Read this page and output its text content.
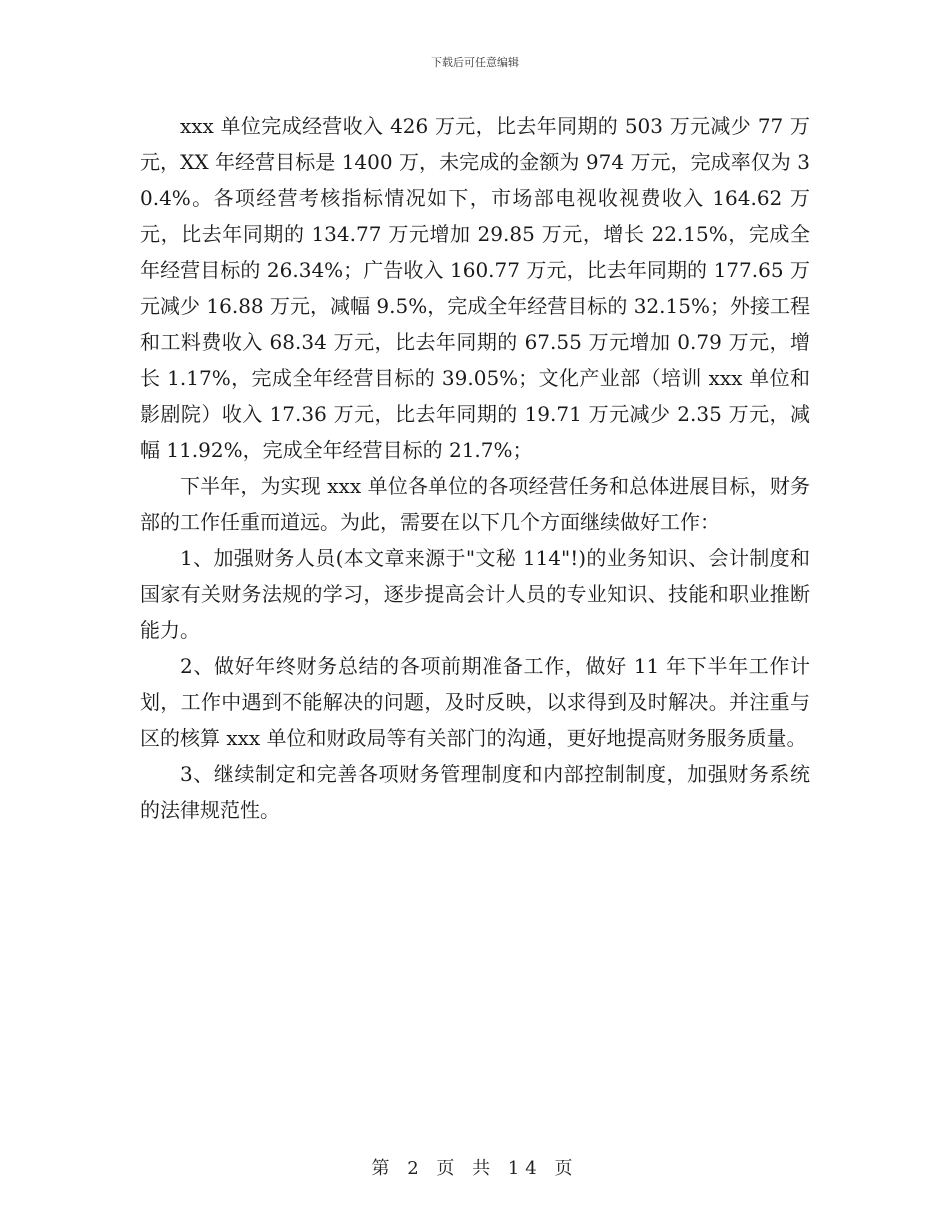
下载后可任意编辑

xxx 单位完成经营收入 426 万元，比去年同期的 503 万元减少 77 万元，XX 年经营目标是 1400 万，未完成的金额为 974 万元，完成率仅为 30.4%。各项经营考核指标情况如下，市场部电视收视费收入 164.62 万元，比去年同期的 134.77 万元增加 29.85 万元，增长 22.15%，完成全年经营目标的 26.34%；广告收入 160.77 万元，比去年同期的 177.65 万元减少 16.88 万元，减幅 9.5%，完成全年经营目标的 32.15%；外接工程和工料费收入 68.34 万元，比去年同期的 67.55 万元增加 0.79 万元，增长 1.17%，完成全年经营目标的 39.05%；文化产业部（培训 xxx 单位和影剧院）收入 17.36 万元，比去年同期的 19.71 万元减少 2.35 万元，减幅 11.92%，完成全年经营目标的 21.7%；

下半年，为实现 xxx 单位各单位的各项经营任务和总体进展目标，财务部的工作任重而道远。为此，需要在以下几个方面继续做好工作：

1、加强财务人员(本文章来源于"文秘 114"!)的业务知识、会计制度和国家有关财务法规的学习，逐步提高会计人员的专业知识、技能和职业推断能力。

2、做好年终财务总结的各项前期准备工作，做好 11 年下半年工作计划，工作中遇到不能解决的问题，及时反映，以求得到及时解决。并注重与区的核算 xxx 单位和财政局等有关部门的沟通，更好地提高财务服务质量。

3、继续制定和完善各项财务管理制度和内部控制制度，加强财务系统的法律规范性。

第 2 页 共 14 页
